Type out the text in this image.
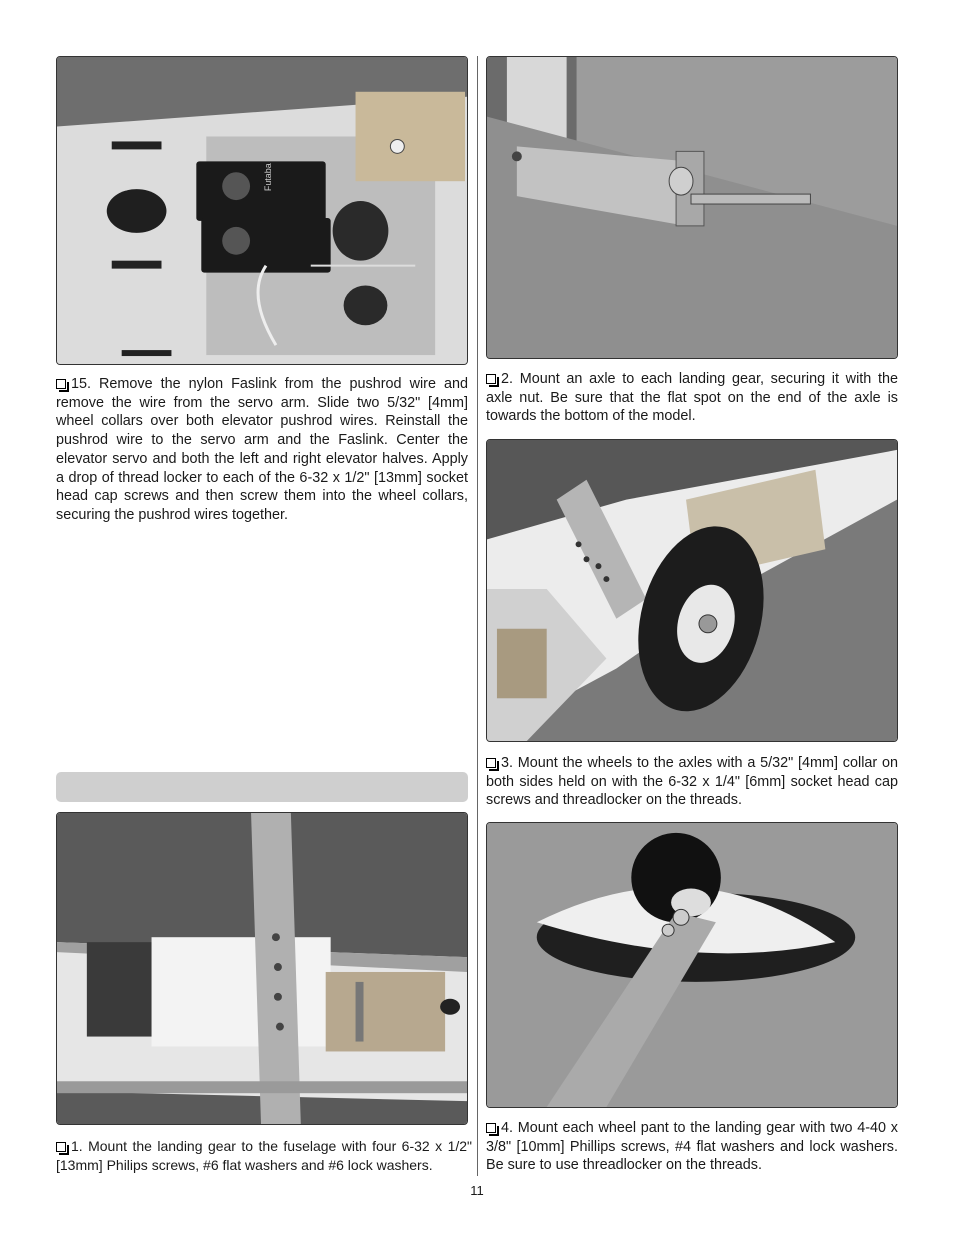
Futaba
15. Remove the nylon Faslink from the pushrod wire and remove the wire from the servo arm. Slide two 5/32" [4mm] wheel collars over both elevator pushrod wires. Reinstall the pushrod wire to the servo arm and the Faslink. Center the elevator servo and both the left and right elevator halves. Apply a drop of thread locker to each of the 6-32 x 1/2" [13mm] socket head cap screws and then screw them into the wheel collars, securing the pushrod wires together.
1. Mount the landing gear to the fuselage with four 6-32 x 1/2" [13mm] Philips screws, #6 flat washers and #6 lock washers.
2. Mount an axle to each landing gear, securing it with the axle nut. Be sure that the flat spot on the end of the axle is towards the bottom of the model.
3. Mount the wheels to the axles with a 5/32" [4mm] collar on both sides held on with the 6-32 x 1/4" [6mm] socket head cap screws and threadlocker on the threads.
4. Mount each wheel pant to the landing gear with two 4-40 x 3/8" [10mm] Phillips screws, #4 flat washers and lock washers. Be sure to use threadlocker on the threads.
11
